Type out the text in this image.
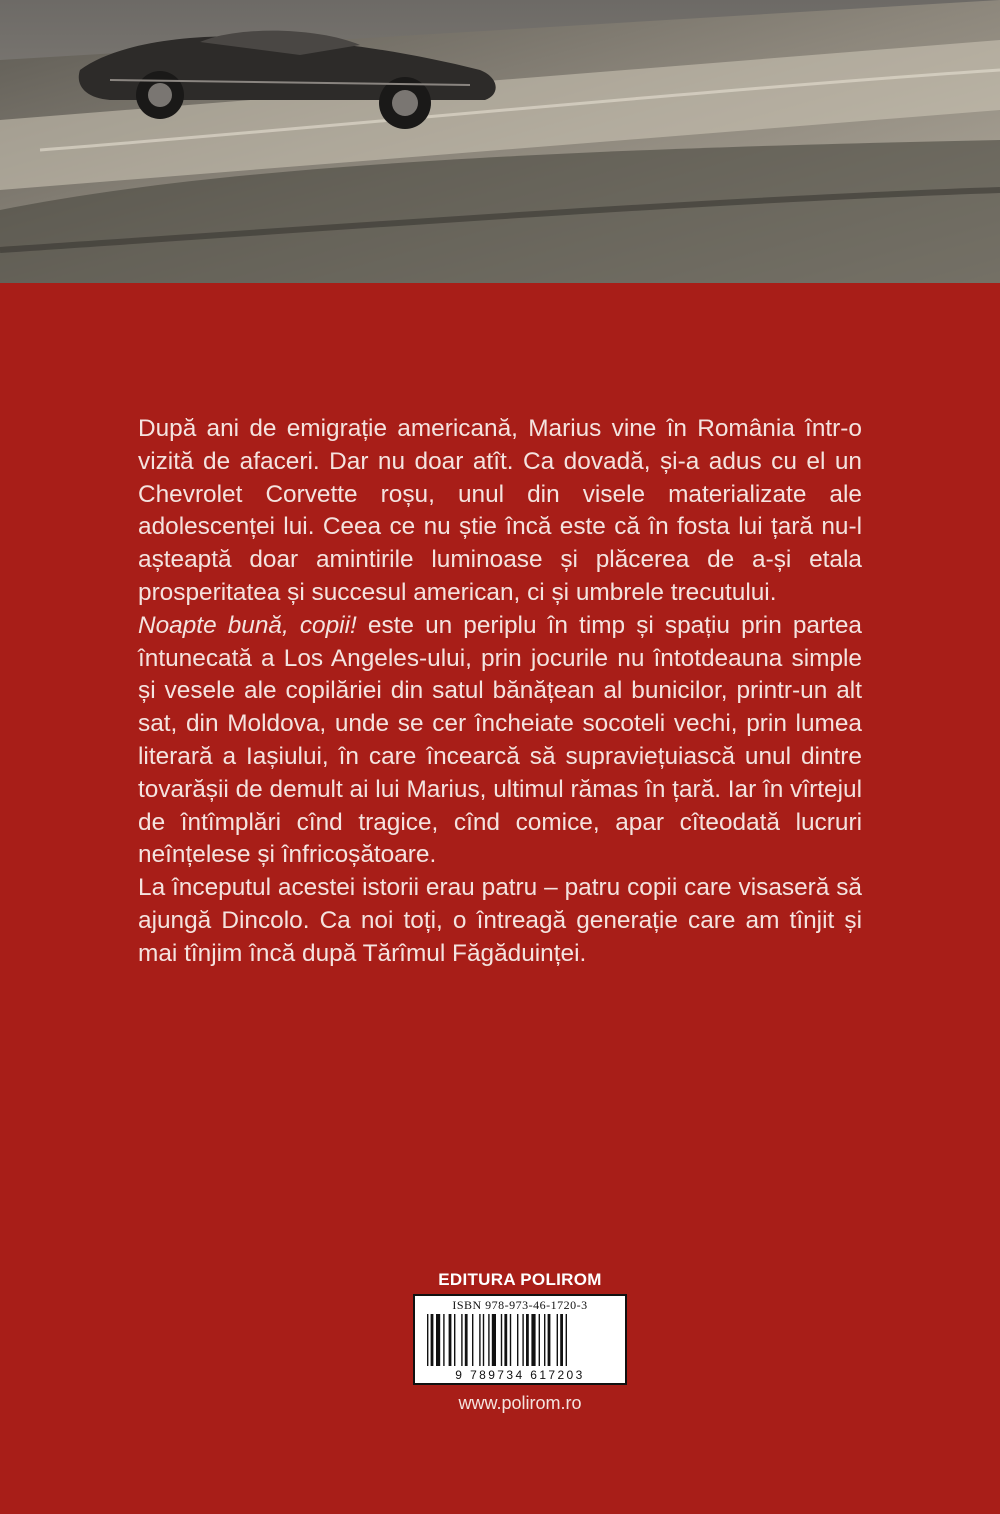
După ani de emigrație americană, Marius vine în România într-o vizită de afaceri. Dar nu doar atît. Ca dovadă, și-a adus cu el un Chevrolet Corvette roșu, unul din visele materializate ale adolescenței lui. Ceea ce nu știe încă este că în fosta lui țară nu-l așteaptă doar amintirile luminoase și plăcerea de a-și etala prosperitatea și succesul american, ci și umbrele trecutului.

Noapte bună, copii! este un periplu în timp și spațiu prin partea întunecată a Los Angeles-ului, prin jocurile nu întotdeauna simple și vesele ale copilăriei din satul bănățean al bunicilor, printr-un alt sat, din Moldova, unde se cer încheiate socoteli vechi, prin lumea literară a Iașiului, în care încearcă să supraviețuiască unul dintre tovarășii de demult ai lui Marius, ultimul rămas în țară. Iar în vîrtejul de întîmplări cînd tragice, cînd comice, apar cîteodată lucruri neînțelese și înfricoșătoare.

La începutul acestei istorii erau patru – patru copii care visaseră să ajungă Dincolo. Ca noi toți, o întreagă generație care am tînjit și mai tînjim încă după Tărîmul Făgăduinței.

EDITURA POLIROM
ISBN 978-973-46-1720-3
9 789734 617203
www.polirom.ro
